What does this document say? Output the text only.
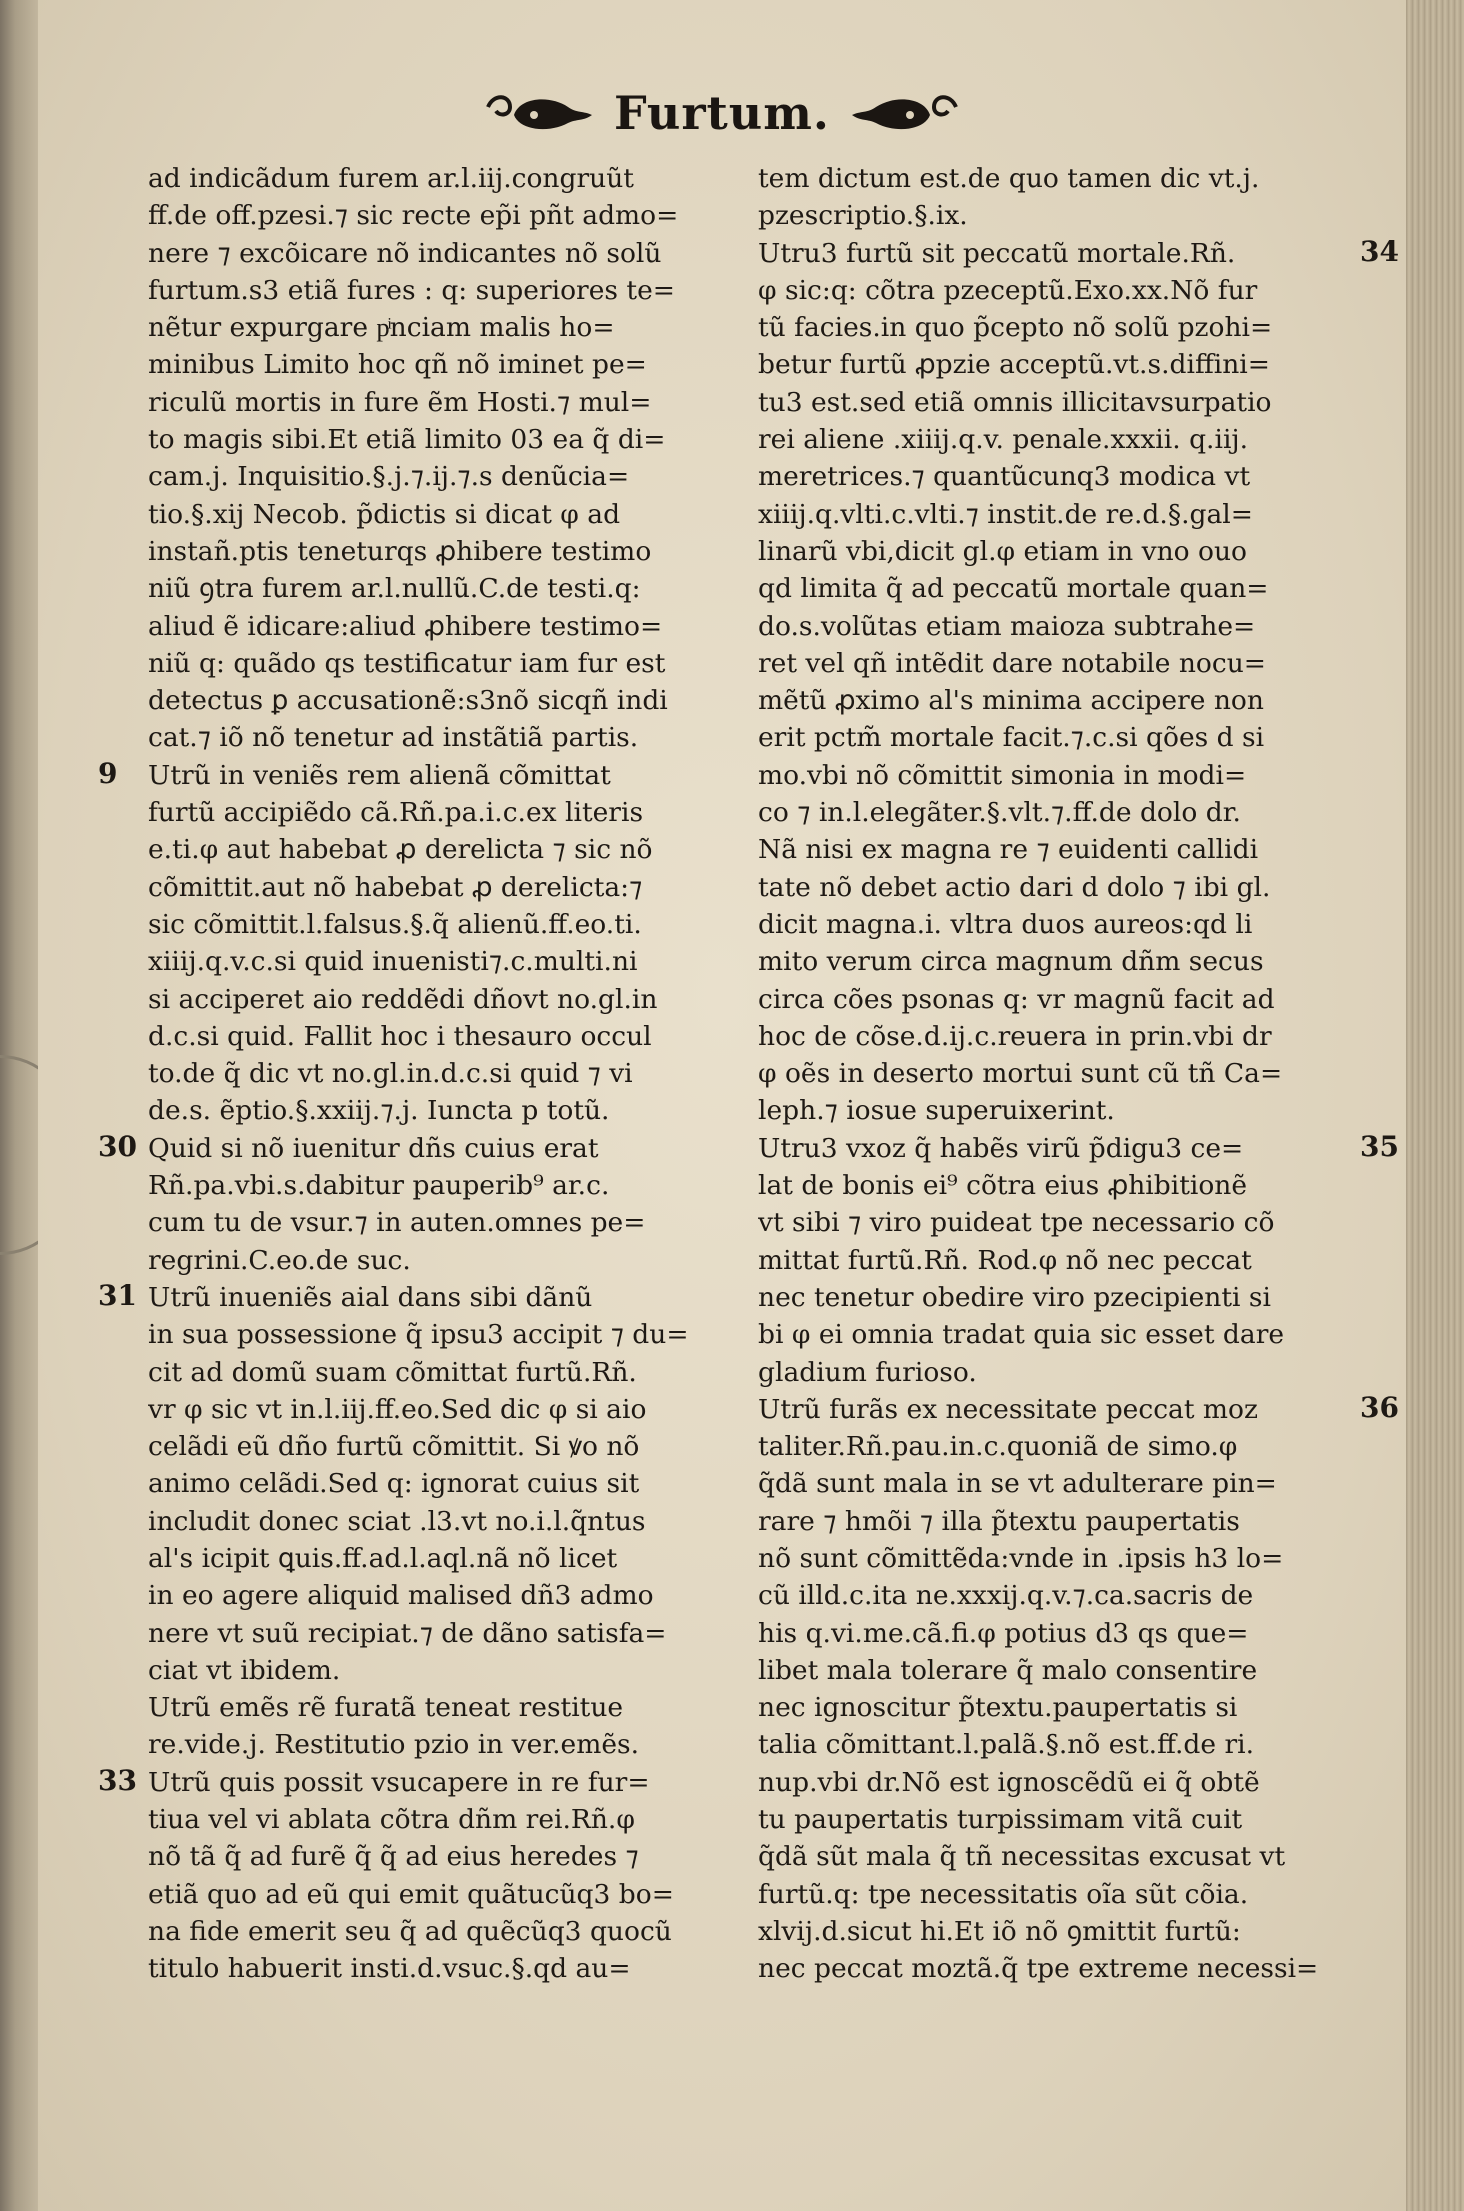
Furtum.
ad indicãdum furem ar.l.iij.congruũt
ff.de off.pzesi.⁊ sic recte ep̃i pñt admo=
nere ⁊ excõicare nõ indicantes nõ solũ
furtum.s3 etiã fures : q: superiores te=
nẽtur expurgare pͥnciam malis ho=
minibus Limito hoc qñ nõ iminet pe=
riculũ mortis in fure ẽm Hosti.⁊ mul=
to magis sibi.Et etiã limito 03 ea q̃ di=
cam.j. Inquisitio.§.j.⁊.ij.⁊.s denũcia=
tio.§.xij Necob. p̃dictis si dicat φ ad
instañ.ptis teneturqs ꝓhibere testimo
niũ ꝯtra furem ar.l.nullũ.C.de testi.q:
aliud ẽ idicare:aliud ꝓhibere testimo=
niũ q: quãdo qs testificatur iam fur est
detectus ꝑ accusationẽ:s3nõ sicqñ indi
cat.⁊ iõ nõ tenetur ad instãtiã partis.
Utrũ in veniẽs rem alienã cõmittat
furtũ accipiẽdo cã.Rñ.pa.i.c.ex literis
e.ti.φ aut habebat ꝓ derelicta ⁊ sic nõ
cõmittit.aut nõ habebat ꝓ derelicta:⁊
sic cõmittit.l.falsus.§.q̃ alienũ.ff.eo.ti.
xiiij.q.v.c.si quid inuenisti⁊.c.multi.ni
si acciperet aio reddẽdi dñovt no.gl.in
d.c.si quid. Fallit hoc i thesauro occul
to.de q̃ dic vt no.gl.in.d.c.si quid ⁊ vi
de.s. ẽptio.§.xxiij.⁊.j. Iuncta p totũ.
Quid si nõ iuenitur dñs cuius erat
Rñ.pa.vbi.s.dabitur pauperib⁹ ar.c.
cum tu de vsur.⁊ in auten.omnes pe=
regrini.C.eo.de suc.
Utrũ inueniẽs aial dans sibi dãnũ
in sua possessione q̃ ipsu3 accipit ⁊ du=
cit ad domũ suam cõmittat furtũ.Rñ.
vr φ sic vt in.l.iij.ff.eo.Sed dic φ si aio
celãdi eũ dño furtũ cõmittit. Si ꝟo nõ
animo celãdi.Sed q: ignorat cuius sit
includit donec sciat .l3.vt no.i.l.q̃ntus
al's icipit ꝗuis.ff.ad.l.aql.nã nõ licet
in eo agere aliquid malised dñ3 admo
nere vt suũ recipiat.⁊ de dãno satisfa=
ciat vt ibidem.
Utrũ emẽs rẽ furatã teneat restitue
re.vide.j. Restitutio pzio in ver.emẽs.
Utrũ quis possit vsucapere in re fur=
tiua vel vi ablata cõtra dñm rei.Rñ.φ
nõ tã q̃ ad furẽ q̃ q̃ ad eius heredes ⁊
etiã quo ad eũ qui emit quãtucũq3 bo=
na fide emerit seu q̃ ad quẽcũq3 quocũ
titulo habuerit insti.d.vsuc.§.qd au=
tem dictum est.de quo tamen dic vt.j.
pzescriptio.§.ix.
Utru3 furtũ sit peccatũ mortale.Rñ.
φ sic:q: cõtra pzeceptũ.Exo.xx.Nõ fur
tũ facies.in quo p̃cepto nõ solũ pzohi=
betur furtũ ꝓpzie acceptũ.vt.s.diffini=
tu3 est.sed etiã omnis illicitavsurpatio
rei aliene .xiiij.q.v. penale.xxxii. q.iij.
meretrices.⁊ quantũcunq3 modica vt
xiiij.q.vlti.c.vlti.⁊ instit.de re.d.§.gal=
linarũ vbi,dicit gl.φ etiam in vno ouo
qd limita q̃ ad peccatũ mortale quan=
do.s.volũtas etiam maioza subtrahe=
ret vel qñ intẽdit dare notabile nocu=
mẽtũ ꝓximo al's minima accipere non
erit pctm̃ mortale facit.⁊.c.si qões d si
mo.vbi nõ cõmittit simonia in modi=
co ⁊ in.l.elegãter.§.vlt.⁊.ff.de dolo dr.
Nã nisi ex magna re ⁊ euidenti callidi
tate nõ debet actio dari d dolo ⁊ ibi gl.
dicit magna.i. vltra duos aureos:qd li
mito verum circa magnum dñm secus
circa cões psonas q: vr magnũ facit ad
hoc de cõse.d.ij.c.reuera in prin.vbi dr
φ oẽs in deserto mortui sunt cũ tñ Ca=
leph.⁊ iosue superuixerint.
Utru3 vxoz q̃ habẽs virũ p̃digu3 ce=
lat de bonis ei⁹ cõtra eius ꝓhibitionẽ
vt sibi ⁊ viro puideat tpe necessario cõ
mittat furtũ.Rñ. Rod.φ nõ nec peccat
nec tenetur obedire viro pzecipienti si
bi φ ei omnia tradat quia sic esset dare
gladium furioso.
Utrũ furãs ex necessitate peccat moz
taliter.Rñ.pau.in.c.quoniã de simo.φ
q̃dã sunt mala in se vt adulterare pin=
rare ⁊ hmõi ⁊ illa p̃textu paupertatis
nõ sunt cõmittẽda:vnde in .ipsis h3 lo=
cũ illd.c.ita ne.xxxij.q.v.⁊.ca.sacris de
his q.vi.me.cã.fi.φ potius d3 qs que=
libet mala tolerare q̃ malo consentire
nec ignoscitur p̃textu.paupertatis si
talia cõmittant.l.palã.§.nõ est.ff.de ri.
nup.vbi dr.Nõ est ignoscẽdũ ei q̃ obtẽ
tu paupertatis turpissimam vitã cuit
q̃dã sũt mala q̃ tñ necessitas excusat vt
furtũ.q: tpe necessitatis oĩa sũt cõia.
xlvij.d.sicut hi.Et iõ nõ ꝯmittit furtũ:
nec peccat moztã.q̃ tpe extreme necessi=
9
30
31
33
34
35
36
